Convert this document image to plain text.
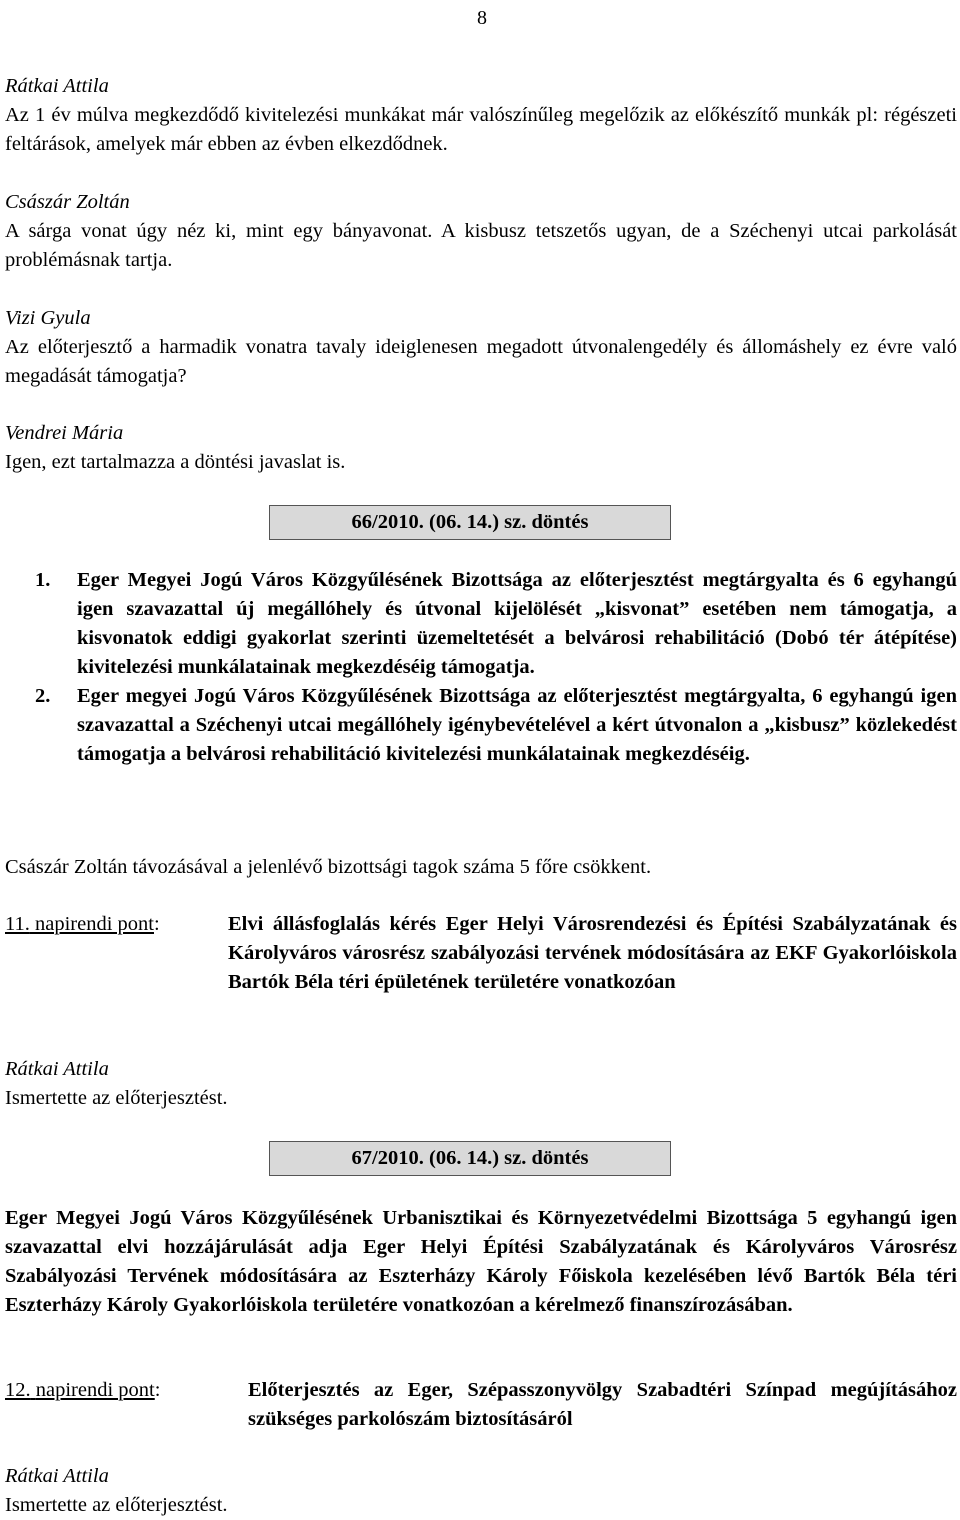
8
Rátkai Attila
Az 1 év múlva megkezdődő kivitelezési munkákat már valószínűleg megelőzik az előkészítő munkák pl: régészeti feltárások, amelyek már ebben az évben elkezdődnek.
Császár Zoltán
A sárga vonat úgy néz ki, mint egy bányavonat. A kisbusz tetszetős ugyan, de a Széchenyi utcai parkolását problémásnak tartja.
Vizi Gyula
Az előterjesztő a harmadik vonatra tavaly ideiglenesen megadott útvonalengedély és állomáshely ez évre való megadását támogatja?
Vendrei Mária
Igen, ezt tartalmazza a döntési javaslat is.
66/2010. (06. 14.) sz. döntés
1. Eger Megyei Jogú Város Közgyűlésének Bizottsága az előterjesztést megtárgyalta és 6 egyhangú igen szavazattal új megállóhely és útvonal kijelölését „kisvonat” esetében nem támogatja, a kisvonatok eddigi gyakorlat szerinti üzemeltetését a belvárosi rehabilitáció (Dobó tér átépítése) kivitelezési munkálatainak megkezdéséig támogatja.
2. Eger megyei Jogú Város Közgyűlésének Bizottsága az előterjesztést megtárgyalta, 6 egyhangú igen szavazattal a Széchenyi utcai megállóhely igénybevételével a kért útvonalon a „kisbusz” közlekedést támogatja a belvárosi rehabilitáció kivitelezési munkálatainak megkezdéséig.
Császár Zoltán távozásával a jelenlévő bizottsági tagok száma 5 főre csökkent.
11. napirendi pont:	Elvi állásfoglalás kérés Eger Helyi Városrendezési és Építési Szabályzatának és Károlyváros városrész szabályozási tervének módosítására az EKF Gyakorlóiskola Bartók Béla téri épületének területére vonatkozóan
Rátkai Attila
Ismertette az előterjesztést.
67/2010. (06. 14.) sz. döntés
Eger Megyei Jogú Város Közgyűlésének Urbanisztikai és Környezetvédelmi Bizottsága 5 egyhangú igen szavazattal elvi hozzájárulását adja Eger Helyi Építési Szabályzatának és Károlyváros Városrész Szabályozási Tervének módosítására az Eszterházy Károly Főiskola kezelésében lévő Bartók Béla téri Eszterházy Károly Gyakorlóiskola területére vonatkozóan a kérelmező finanszírozásában.
12. napirendi pont:	Előterjesztés az Eger, Szépasszonyvölgy Szabadtéri Színpad megújításához szükséges parkolószám biztosításáról
Rátkai Attila
Ismertette az előterjesztést.
